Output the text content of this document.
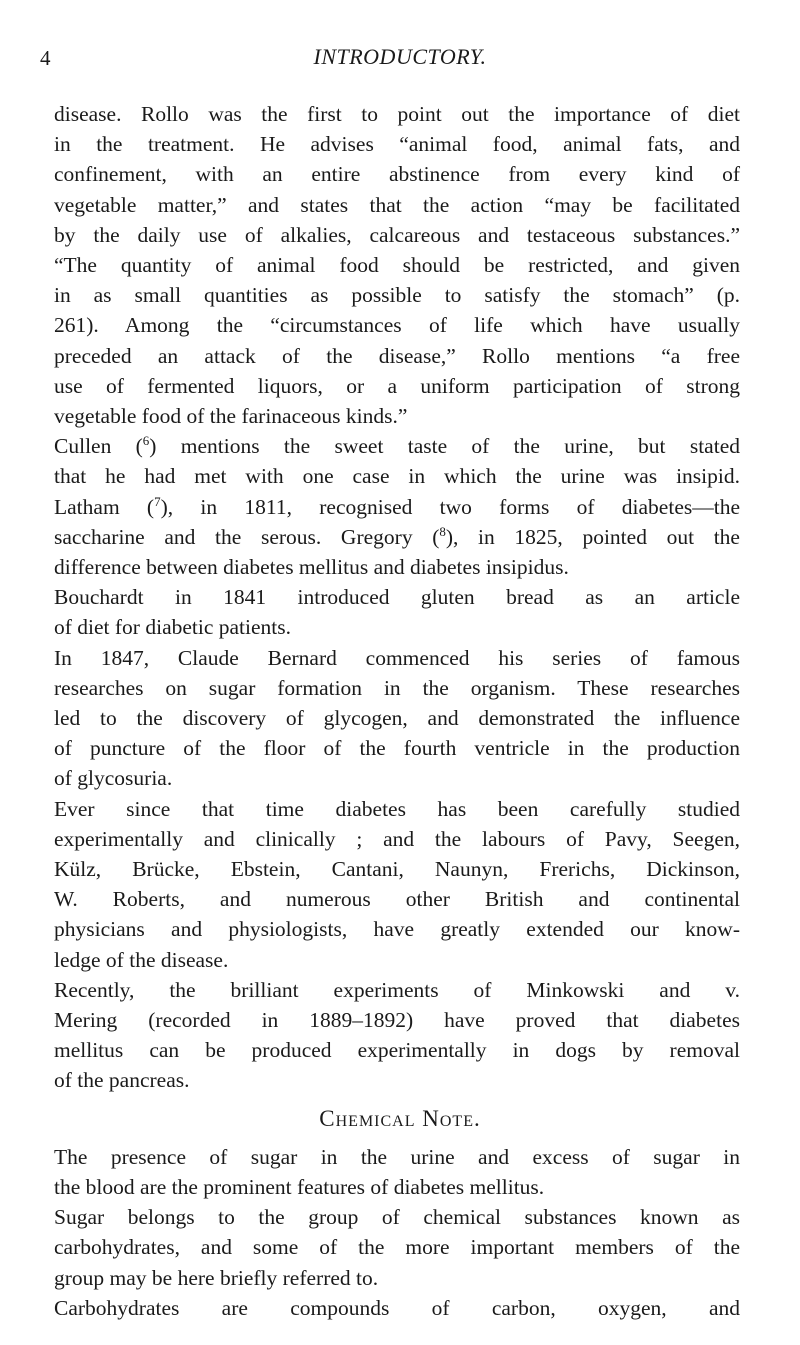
4	INTRODUCTORY.
disease. Rollo was the first to point out the importance of diet
in the treatment. He advises “animal food, animal fats, and
confinement, with an entire abstinence from every kind of
vegetable matter,” and states that the action “may be facilitated
by the daily use of alkalies, calcareous and testaceous substances.”
“The quantity of animal food should be restricted, and given
in as small quantities as possible to satisfy the stomach” (p.
261). Among the “circumstances of life which have usually
preceded an attack of the disease,” Rollo mentions “a free
use of fermented liquors, or a uniform participation of strong
vegetable food of the farinaceous kinds.”
Cullen ($^6$) mentions the sweet taste of the urine, but stated
that he had met with one case in which the urine was insipid.
Latham ($^7$), in 1811, recognised two forms of diabetes—the
saccharine and the serous. Gregory ($^8$), in 1825, pointed out the
difference between diabetes mellitus and diabetes insipidus.
Bouchardt in 1841 introduced gluten bread as an article
of diet for diabetic patients.
In 1847, Claude Bernard commenced his series of famous
researches on sugar formation in the organism. These researches
led to the discovery of glycogen, and demonstrated the influence
of puncture of the floor of the fourth ventricle in the production
of glycosuria.
Ever since that time diabetes has been carefully studied
experimentally and clinically ; and the labours of Pavy, Seegen,
Külz, Brücke, Ebstein, Cantani, Naunyn, Frerichs, Dickinson,
W. Roberts, and numerous other British and continental
physicians and physiologists, have greatly extended our know-
ledge of the disease.
Recently, the brilliant experiments of Minkowski and v.
Mering (recorded in 1889–1892) have proved that diabetes
mellitus can be produced experimentally in dogs by removal
of the pancreas.
Chemical Note.
The presence of sugar in the urine and excess of sugar in
the blood are the prominent features of diabetes mellitus.
Sugar belongs to the group of chemical substances known as
carbohydrates, and some of the more important members of the
group may be here briefly referred to.
Carbohydrates are compounds of carbon, oxygen, and
